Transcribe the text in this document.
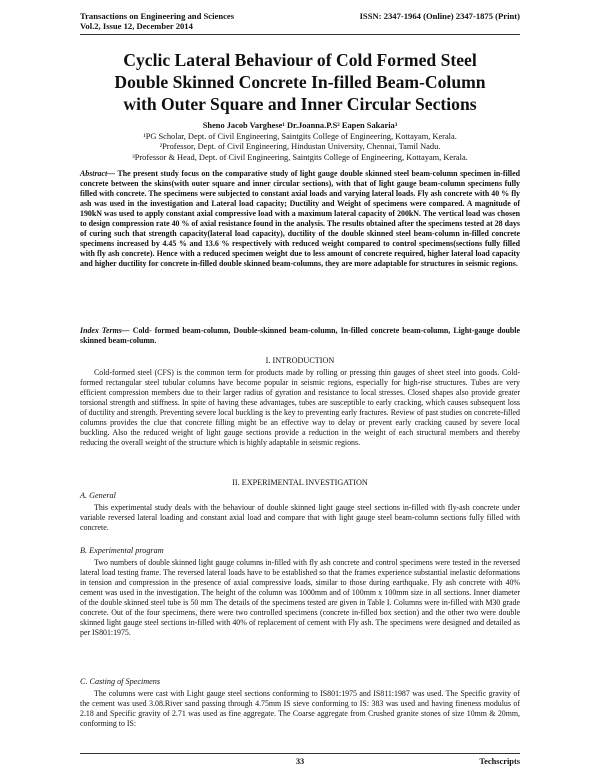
Transactions on Engineering and Sciences
Vol.2, Issue 12, December 2014
ISSN: 2347-1964 (Online) 2347-1875 (Print)
Cyclic Lateral Behaviour of Cold Formed Steel
Double Skinned Concrete In-filled Beam-Column
with Outer Square and Inner Circular Sections
Sheno Jacob Varghese¹ Dr.Joanna.P.S² Eapen Sakaria³
¹PG Scholar, Dept. of Civil Engineering, Saintgits College of Engineering, Kottayam, Kerala.
²Professor, Dept. of Civil Engineering, Hindustan University, Chennai, Tamil Nadu.
³Professor & Head, Dept. of Civil Engineering, Saintgits College of Engineering, Kottayam, Kerala.
Abstract— The present study focus on the comparative study of light gauge double skinned steel beam-column specimen in-filled concrete between the skins(with outer square and inner circular sections), with that of light gauge beam-column specimens fully filled with concrete. The specimens were subjected to constant axial loads and varying lateral loads. Fly ash concrete with 40 % fly ash was used in the investigation and Lateral load capacity; Ductility and Weight of specimens were compared. A magnitude of 190kN was used to apply constant axial compressive load with a maximum lateral capacity of 200kN. The vertical load was chosen to design compression rate 40 % of axial resistance found in the analysis. The results obtained after the specimens tested at 28 days of curing such that strength capacity(lateral load capacity), ductility of the double skinned steel beam-column in-filled concrete specimens increased by 4.45 % and 13.6 % respectively with reduced weight compared to control specimens(sections fully filled with fly ash concrete). Hence with a reduced specimen weight due to less amount of concrete required, higher lateral load capacity and higher ductility for concrete in-filled double skinned beam-columns, they are more adaptable for structures in seismic regions.
Index Terms— Cold- formed beam-column, Double-skinned beam-column, In-filled concrete beam-column, Light-gauge double skinned beam-column.
I. INTRODUCTION
Cold-formed steel (CFS) is the common term for products made by rolling or pressing thin gauges of sheet steel into goods. Cold-formed rectangular steel tubular columns have become popular in seismic regions, especially for high-rise structures. Tubes are very efficient compression members due to their larger radius of gyration and resistance to local stresses. Closed shapes also provide greater torsional strength and stiffness. In spite of having these advantages, tubes are susceptible to early cracking, which causes subsequent loss of ductility and strength. Preventing severe local buckling is the key to preventing early fractures. Review of past studies on concrete-filled columns provides the clue that concrete filling might be an effective way to delay or prevent early cracking caused by severe local buckling. Also the reduced weight of light gauge sections provide a reduction in the weight of each structural members and thereby reducing the overall weight of the structure which is highly adaptable in seismic regions.
II. EXPERIMENTAL INVESTIGATION
A. General
This experimental study deals with the behaviour of double skinned light gauge steel sections in-filled with fly-ash concrete under variable reversed lateral loading and constant axial load and compare that with light gauge steel beam-column sections fully filled with concrete.
B. Experimental program
Two numbers of double skinned light gauge columns in-filled with fly ash concrete and control specimens were tested in the reversed lateral load testing frame. The reversed lateral loads have to be established so that the frames experience substantial inelastic deformations in tension and compression in the presence of axial compressive loads, similar to those during earthquake. Fly ash concrete with 40% cement was used in the investigation. The height of the column was 1000mm and of 100mm x 100mm size in all sections. Inner diameter of the double skinned steel tube is 50 mm The details of the specimens tested are given in Table I. Columns were in-filled with M30 grade concrete. Out of the four specimens, there were two controlled specimens (concrete in-filled box section) and the other two were double skinned light gauge steel sections in-filled with 40% of replacement of cement with Fly ash. The specimens were designed and detailed as per IS801:1975.
C. Casting of Specimens
The columns were cast with Light gauge steel sections conforming to IS801:1975 and IS811:1987 was used. The Specific gravity of the cement was used 3.08.River sand passing through 4.75mm IS sieve conforming to IS: 383 was used and having fineness modulus of 2.18 and Specific gravity of 2.71 was used as fine aggregate. The Coarse aggregate from Crushed granite stones of size 10mm & 20mm, conforming to IS:
33	Techscripts
